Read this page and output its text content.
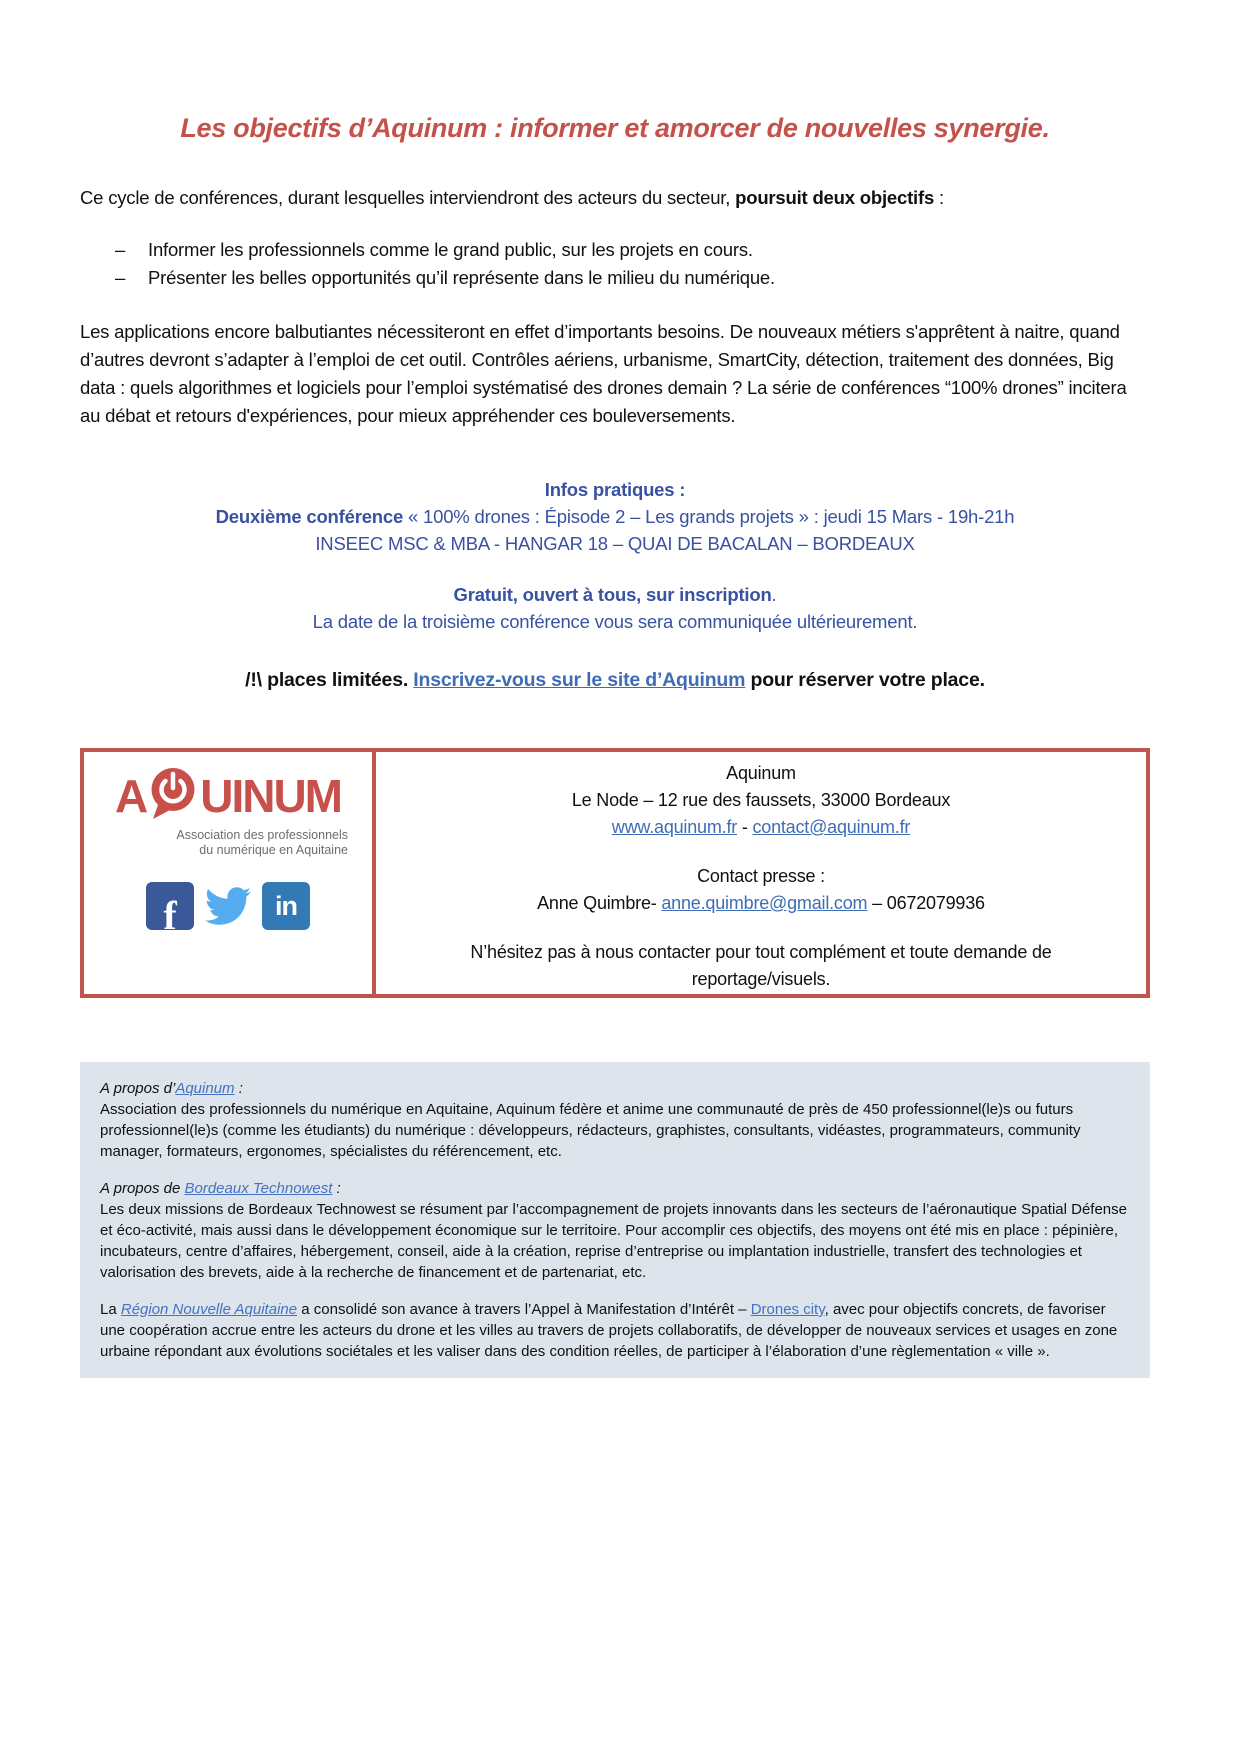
Les objectifs d’Aquinum : informer et amorcer de nouvelles synergie.

Ce cycle de conférences, durant lesquelles interviendront des acteurs du secteur, poursuit deux objectifs :

–	Informer les professionnels comme le grand public, sur les projets en cours.
–	Présenter les belles opportunités qu’il représente dans le milieu du numérique.

Les applications encore balbutiantes nécessiteront en effet d’importants besoins. De nouveaux métiers s'apprêtent à naitre, quand d’autres devront s’adapter à l’emploi de cet outil. Contrôles aériens, urbanisme, SmartCity, détection, traitement des données, Big data : quels algorithmes et logiciels pour l’emploi systématisé des drones demain ? La série de conférences “100% drones” incitera au débat et retours d'expériences, pour mieux appréhender ces bouleversements.

Infos pratiques :
Deuxième conférence « 100% drones : Épisode 2 – Les grands projets » : jeudi 15 Mars - 19h-21h
INSEEC MSC & MBA - HANGAR 18 – QUAI DE BACALAN – BORDEAUX
Gratuit, ouvert à tous, sur inscription.
La date de la troisième conférence vous sera communiquée ultérieurement.
/!\ places limitées. Inscrivez-vous sur le site d’Aquinum pour réserver votre place.
A UINUM
Association des professionnels
du numérique en Aquitaine
f	in
Aquinum
Le Node – 12 rue des faussets, 33000 Bordeaux
www.aquinum.fr - contact@aquinum.fr
Contact presse :
Anne Quimbre- anne.quimbre@gmail.com – 0672079936
N’hésitez pas à nous contacter pour tout complément et toute demande de reportage/visuels.

A propos d’Aquinum :

Association des professionnels du numérique en Aquitaine, Aquinum fédère et anime une communauté de près de 450 professionnel(le)s ou futurs professionnel(le)s (comme les étudiants) du numérique : développeurs, rédacteurs, graphistes, consultants, vidéastes, programmateurs, community manager, formateurs, ergonomes, spécialistes du référencement, etc.

A propos de Bordeaux Technowest :

Les deux missions de Bordeaux Technowest se résument par l’accompagnement de projets innovants dans les secteurs de l’aéronautique Spatial Défense et éco-activité, mais aussi dans le développement économique sur le territoire. Pour accomplir ces objectifs, des moyens ont été mis en place : pépinière, incubateurs, centre d’affaires, hébergement, conseil, aide à la création, reprise d’entreprise ou implantation industrielle, transfert des technologies et valorisation des brevets, aide à la recherche de financement et de partenariat, etc.

La Région Nouvelle Aquitaine a consolidé son avance à travers l’Appel à Manifestation d’Intérêt – Drones city, avec pour objectifs concrets, de favoriser une coopération accrue entre les acteurs du drone et les villes au travers de projets collaboratifs, de développer de nouveaux services et usages en zone urbaine répondant aux évolutions sociétales et les valiser dans des condition réelles, de participer à l’élaboration d’une règlementation « ville ».
